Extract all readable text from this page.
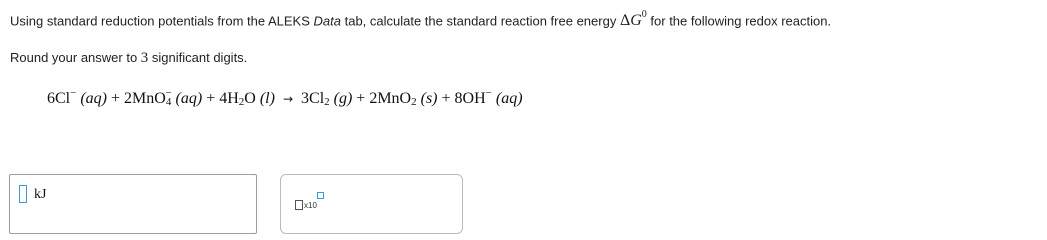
Using standard reduction potentials from the ALEKS Data tab, calculate the standard reaction free energy $\Delta G^0$ for the following redox reaction.
Round your answer to 3 significant digits.
6Cl− (aq) + 2MnO$_4$− $(aq) + 4H_2O$ $(l) \to 3Cl_2$ (g) + 2MnO$_2$ (s) + 8OH− (aq)
kJ
x10
